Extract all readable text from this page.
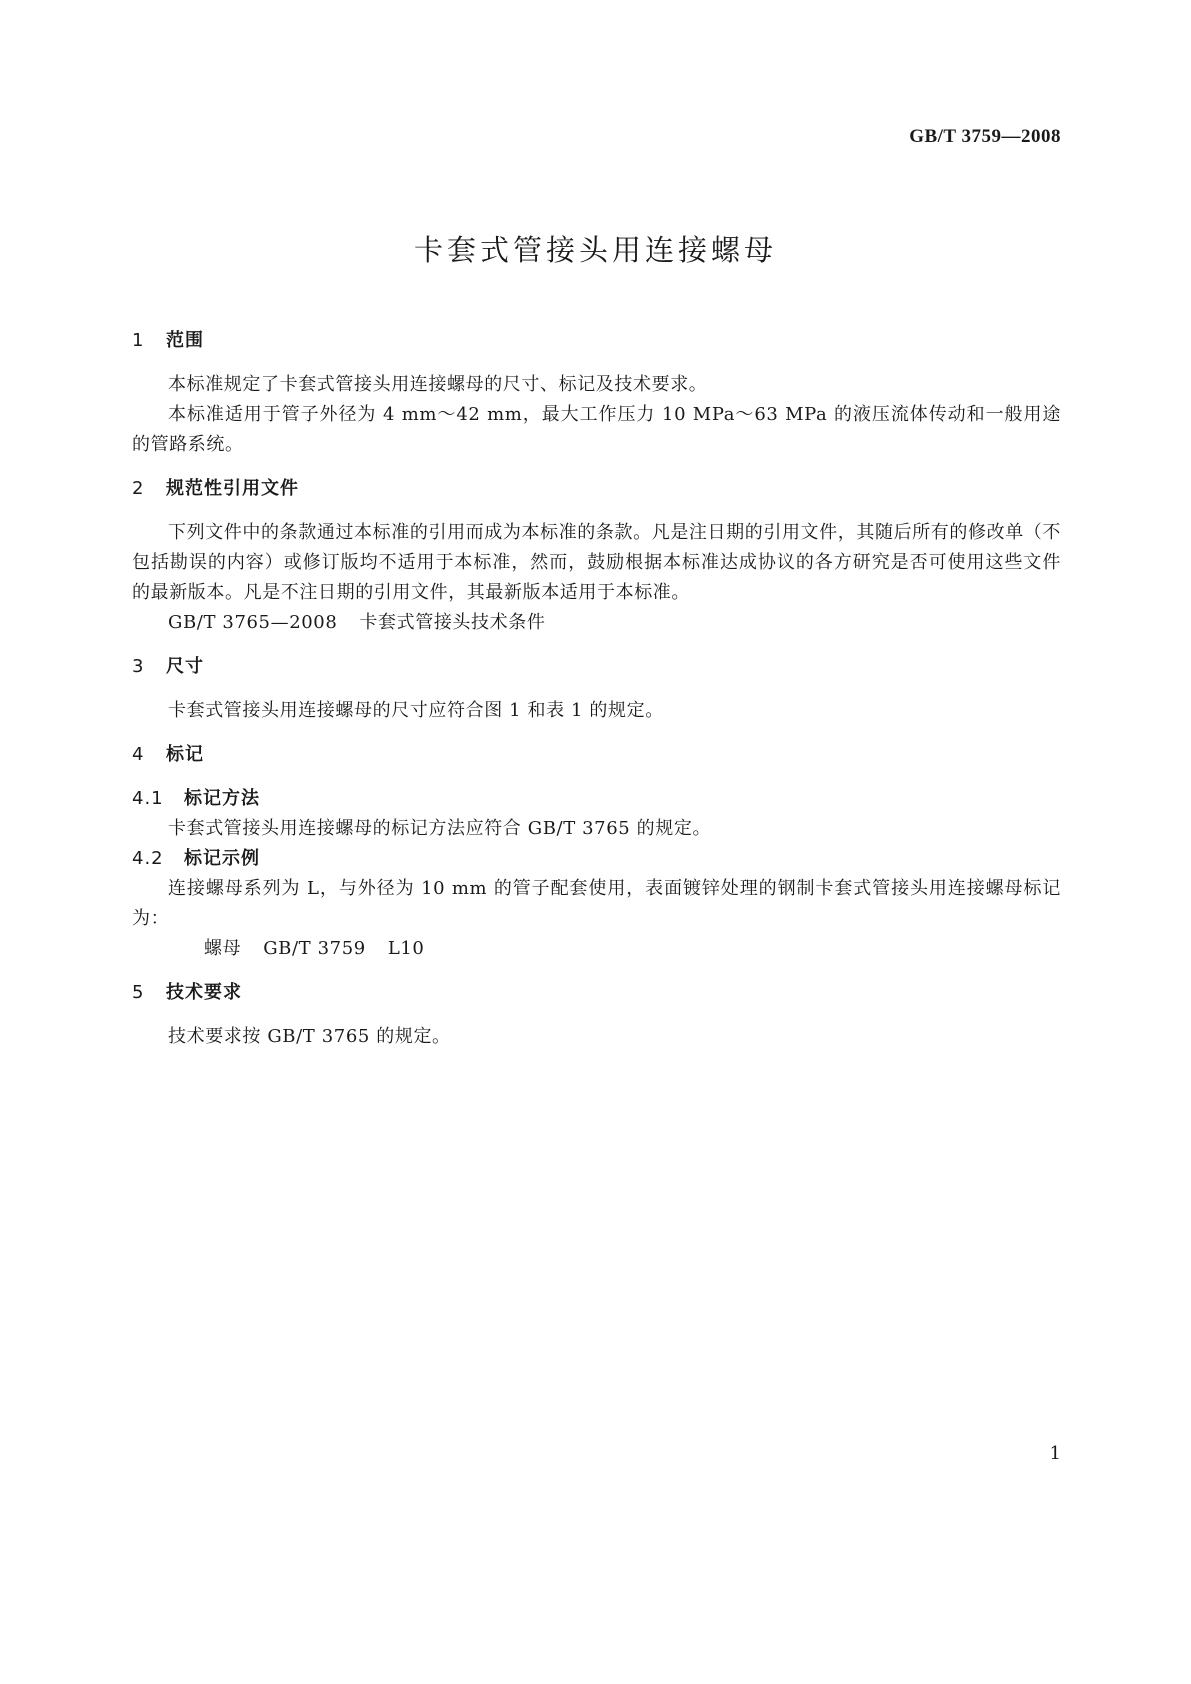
GB/T 3759—2008
卡套式管接头用连接螺母
1 范围

本标准规定了卡套式管接头用连接螺母的尺寸、标记及技术要求。

本标准适用于管子外径为 4 mm～42 mm，最大工作压力 10 MPa～63 MPa 的液压流体传动和一般用途的管路系统。

2 规范性引用文件

下列文件中的条款通过本标准的引用而成为本标准的条款。凡是注日期的引用文件，其随后所有的修改单（不包括勘误的内容）或修订版均不适用于本标准，然而，鼓励根据本标准达成协议的各方研究是否可使用这些文件的最新版本。凡是不注日期的引用文件，其最新版本适用于本标准。

GB/T 3765—2008 卡套式管接头技术条件

3 尺寸

卡套式管接头用连接螺母的尺寸应符合图 1 和表 1 的规定。

4 标记
4.1 标记方法

卡套式管接头用连接螺母的标记方法应符合 GB/T 3765 的规定。

4.2 标记示例

连接螺母系列为 L，与外径为 10 mm 的管子配套使用，表面镀锌处理的钢制卡套式管接头用连接螺母标记为：

螺母 GB/T 3759 L10

5 技术要求

技术要求按 GB/T 3765 的规定。

1
